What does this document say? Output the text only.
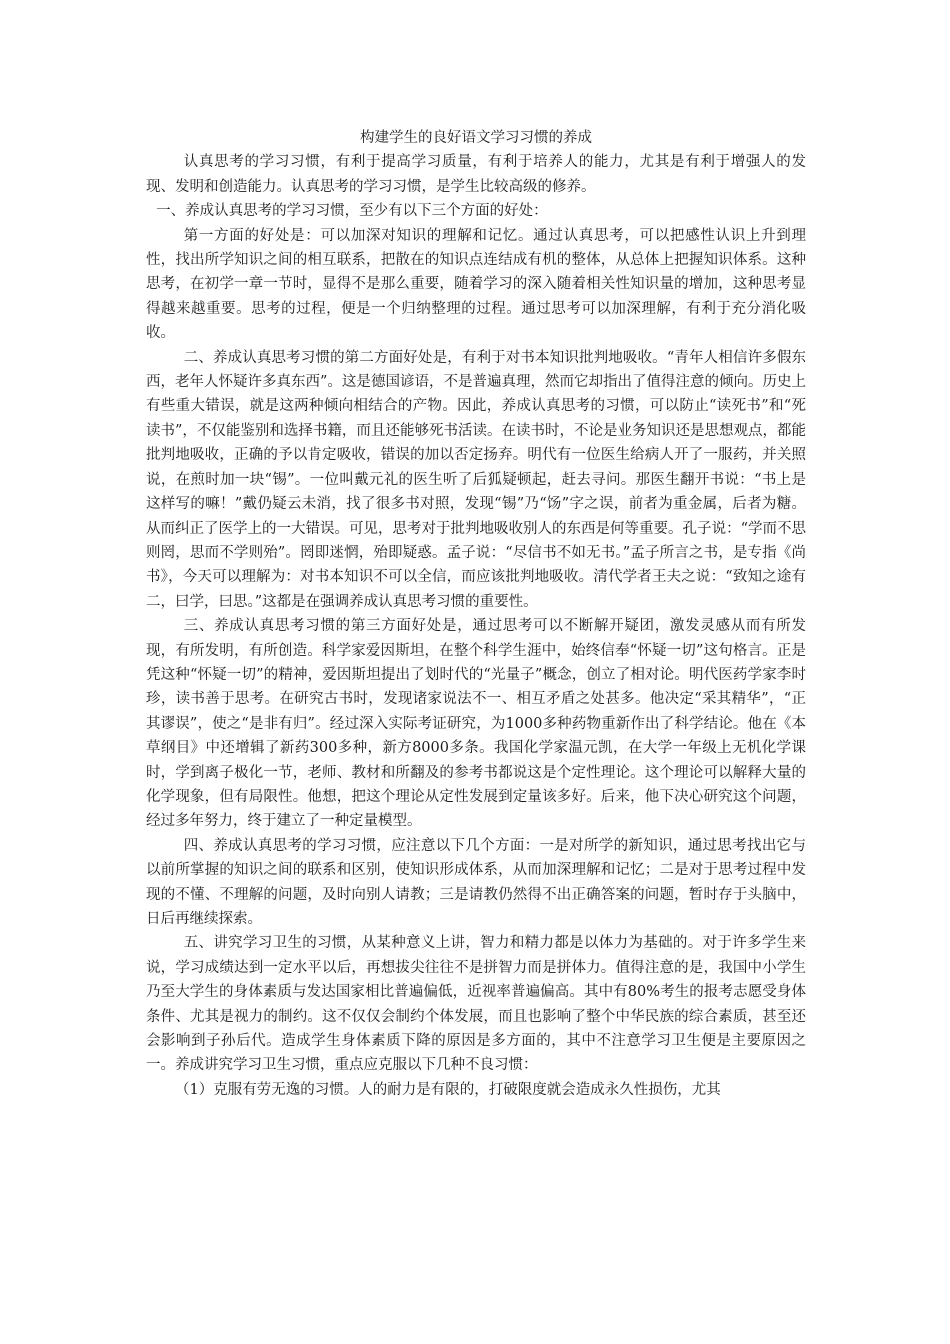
构建学生的良好语文学习习惯的养成

认真思考的学习习惯，有利于提高学习质量，有利于培养人的能力，尤其是有利于增强人的发现、发明和创造能力。认真思考的学习习惯，是学生比较高级的修养。

一、养成认真思考的学习习惯，至少有以下三个方面的好处：

第一方面的好处是：可以加深对知识的理解和记忆。通过认真思考，可以把感性认识上升到理性，找出所学知识之间的相互联系，把散在的知识点连结成有机的整体，从总体上把握知识体系。这种思考，在初学一章一节时，显得不是那么重要，随着学习的深入随着相关性知识量的增加，这种思考显得越来越重要。思考的过程，便是一个归纳整理的过程。通过思考可以加深理解，有利于充分消化吸收。

二、养成认真思考习惯的第二方面好处是，有利于对书本知识批判地吸收。“青年人相信许多假东西，老年人怀疑许多真东西”。这是德国谚语，不是普遍真理，然而它却指出了值得注意的倾向。历史上有些重大错误，就是这两种倾向相结合的产物。因此，养成认真思考的习惯，可以防止“读死书”和“死读书”，不仅能鉴别和选择书籍，而且还能够死书活读。在读书时，不论是业务知识还是思想观点，都能批判地吸收，正确的予以肯定吸收，错误的加以否定扬弃。明代有一位医生给病人开了一服药，并关照说，在煎时加一块“锡”。一位叫戴元礼的医生听了后狐疑顿起，赶去寻问。那医生翻开书说：“书上是这样写的嘛！”戴仍疑云未消，找了很多书对照，发现“锡”乃“饧”字之误，前者为重金属，后者为糖。从而纠正了医学上的一大错误。可见，思考对于批判地吸收别人的东西是何等重要。孔子说：“学而不思则罔，思而不学则殆”。罔即迷惘，殆即疑惑。孟子说：“尽信书不如无书。”孟子所言之书，是专指《尚书》，今天可以理解为：对书本知识不可以全信，而应该批判地吸收。清代学者王夫之说：“致知之途有二，曰学，曰思。”这都是在强调养成认真思考习惯的重要性。

三、养成认真思考习惯的第三方面好处是，通过思考可以不断解开疑团，激发灵感从而有所发现，有所发明，有所创造。科学家爱因斯坦，在整个科学生涯中，始终信奉“怀疑一切”这句格言。正是凭这种“怀疑一切”的精神，爱因斯坦提出了划时代的“光量子”概念，创立了相对论。明代医药学家李时珍，读书善于思考。在研究古书时，发现诸家说法不一、相互矛盾之处甚多。他决定“采其精华”，“正其谬误”，使之“是非有归”。经过深入实际考证研究，为1000多种药物重新作出了科学结论。他在《本草纲目》中还增辑了新药300多种，新方8000多条。我国化学家温元凯，在大学一年级上无机化学课时，学到离子极化一节，老师、教材和所翻及的参考书都说这是个定性理论。这个理论可以解释大量的化学现象，但有局限性。他想，把这个理论从定性发展到定量该多好。后来，他下决心研究这个问题，经过多年努力，终于建立了一种定量模型。

四、养成认真思考的学习习惯，应注意以下几个方面：一是对所学的新知识，通过思考找出它与以前所掌握的知识之间的联系和区别，使知识形成体系，从而加深理解和记忆；二是对于思考过程中发现的不懂、不理解的问题，及时向别人请教；三是请教仍然得不出正确答案的问题，暂时存于头脑中，日后再继续探索。

五、讲究学习卫生的习惯，从某种意义上讲，智力和精力都是以体力为基础的。对于许多学生来说，学习成绩达到一定水平以后，再想拔尖往往不是拼智力而是拼体力。值得注意的是，我国中小学生乃至大学生的身体素质与发达国家相比普遍偏低，近视率普遍偏高。其中有80%考生的报考志愿受身体条件、尤其是视力的制约。这不仅仅会制约个体发展，而且也影响了整个中华民族的综合素质，甚至还会影响到子孙后代。造成学生身体素质下降的原因是多方面的，其中不注意学习卫生便是主要原因之一。养成讲究学习卫生习惯，重点应克服以下几种不良习惯：

（1）克服有劳无逸的习惯。人的耐力是有限的，打破限度就会造成永久性损伤，尤其
